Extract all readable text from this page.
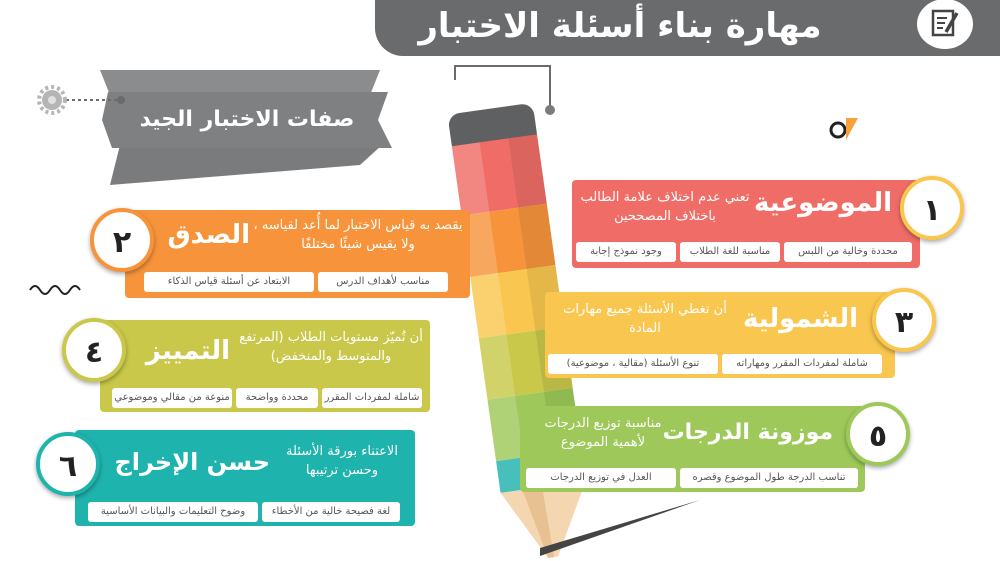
مهارة بناء أسئلة الاختبار
صفات الاختبار الجيد
الموضوعية
تعني عدم اختلاف علامة الطالب باختلاف المصححين
محددة وخالية من اللبس
مناسبة للغة الطلاب
وجود نموذج إجابة
١
الصدق يقصد به قياس الاختبار لما أُعد لقياسه ، ولا يقيس شيئًا مختلفًا
مناسب لأهداف الدرس
الابتعاد عن أسئلة قياس الذكاء
٢
الشمولية
أن تغطي الأسئلة جميع مهارات المادة
شاملة لمفردات المقرر ومهاراته
تنوع الأسئلة (مقالية ، موضوعية)
٣
التمييز أن تُميّز مستويات الطلاب (المرتفع والمتوسط والمنخفض)
شاملة لمفردات المقرر
محددة وواضحة
منوعة من مقالي وموضوعي
٤
موزونة الدرجات
مناسبة توزيع الدرجات لأهمية الموضوع
تناسب الدرجة طول الموضوع وقصره
العدل في توزيع الدرجات
٥
حسن الإخراج	الاعتناء بورقة الأسئلة وحسن ترتيبها
لغة فصيحة خالية من الأخطاء
وضوح التعليمات والبيانات الأساسية
٦
